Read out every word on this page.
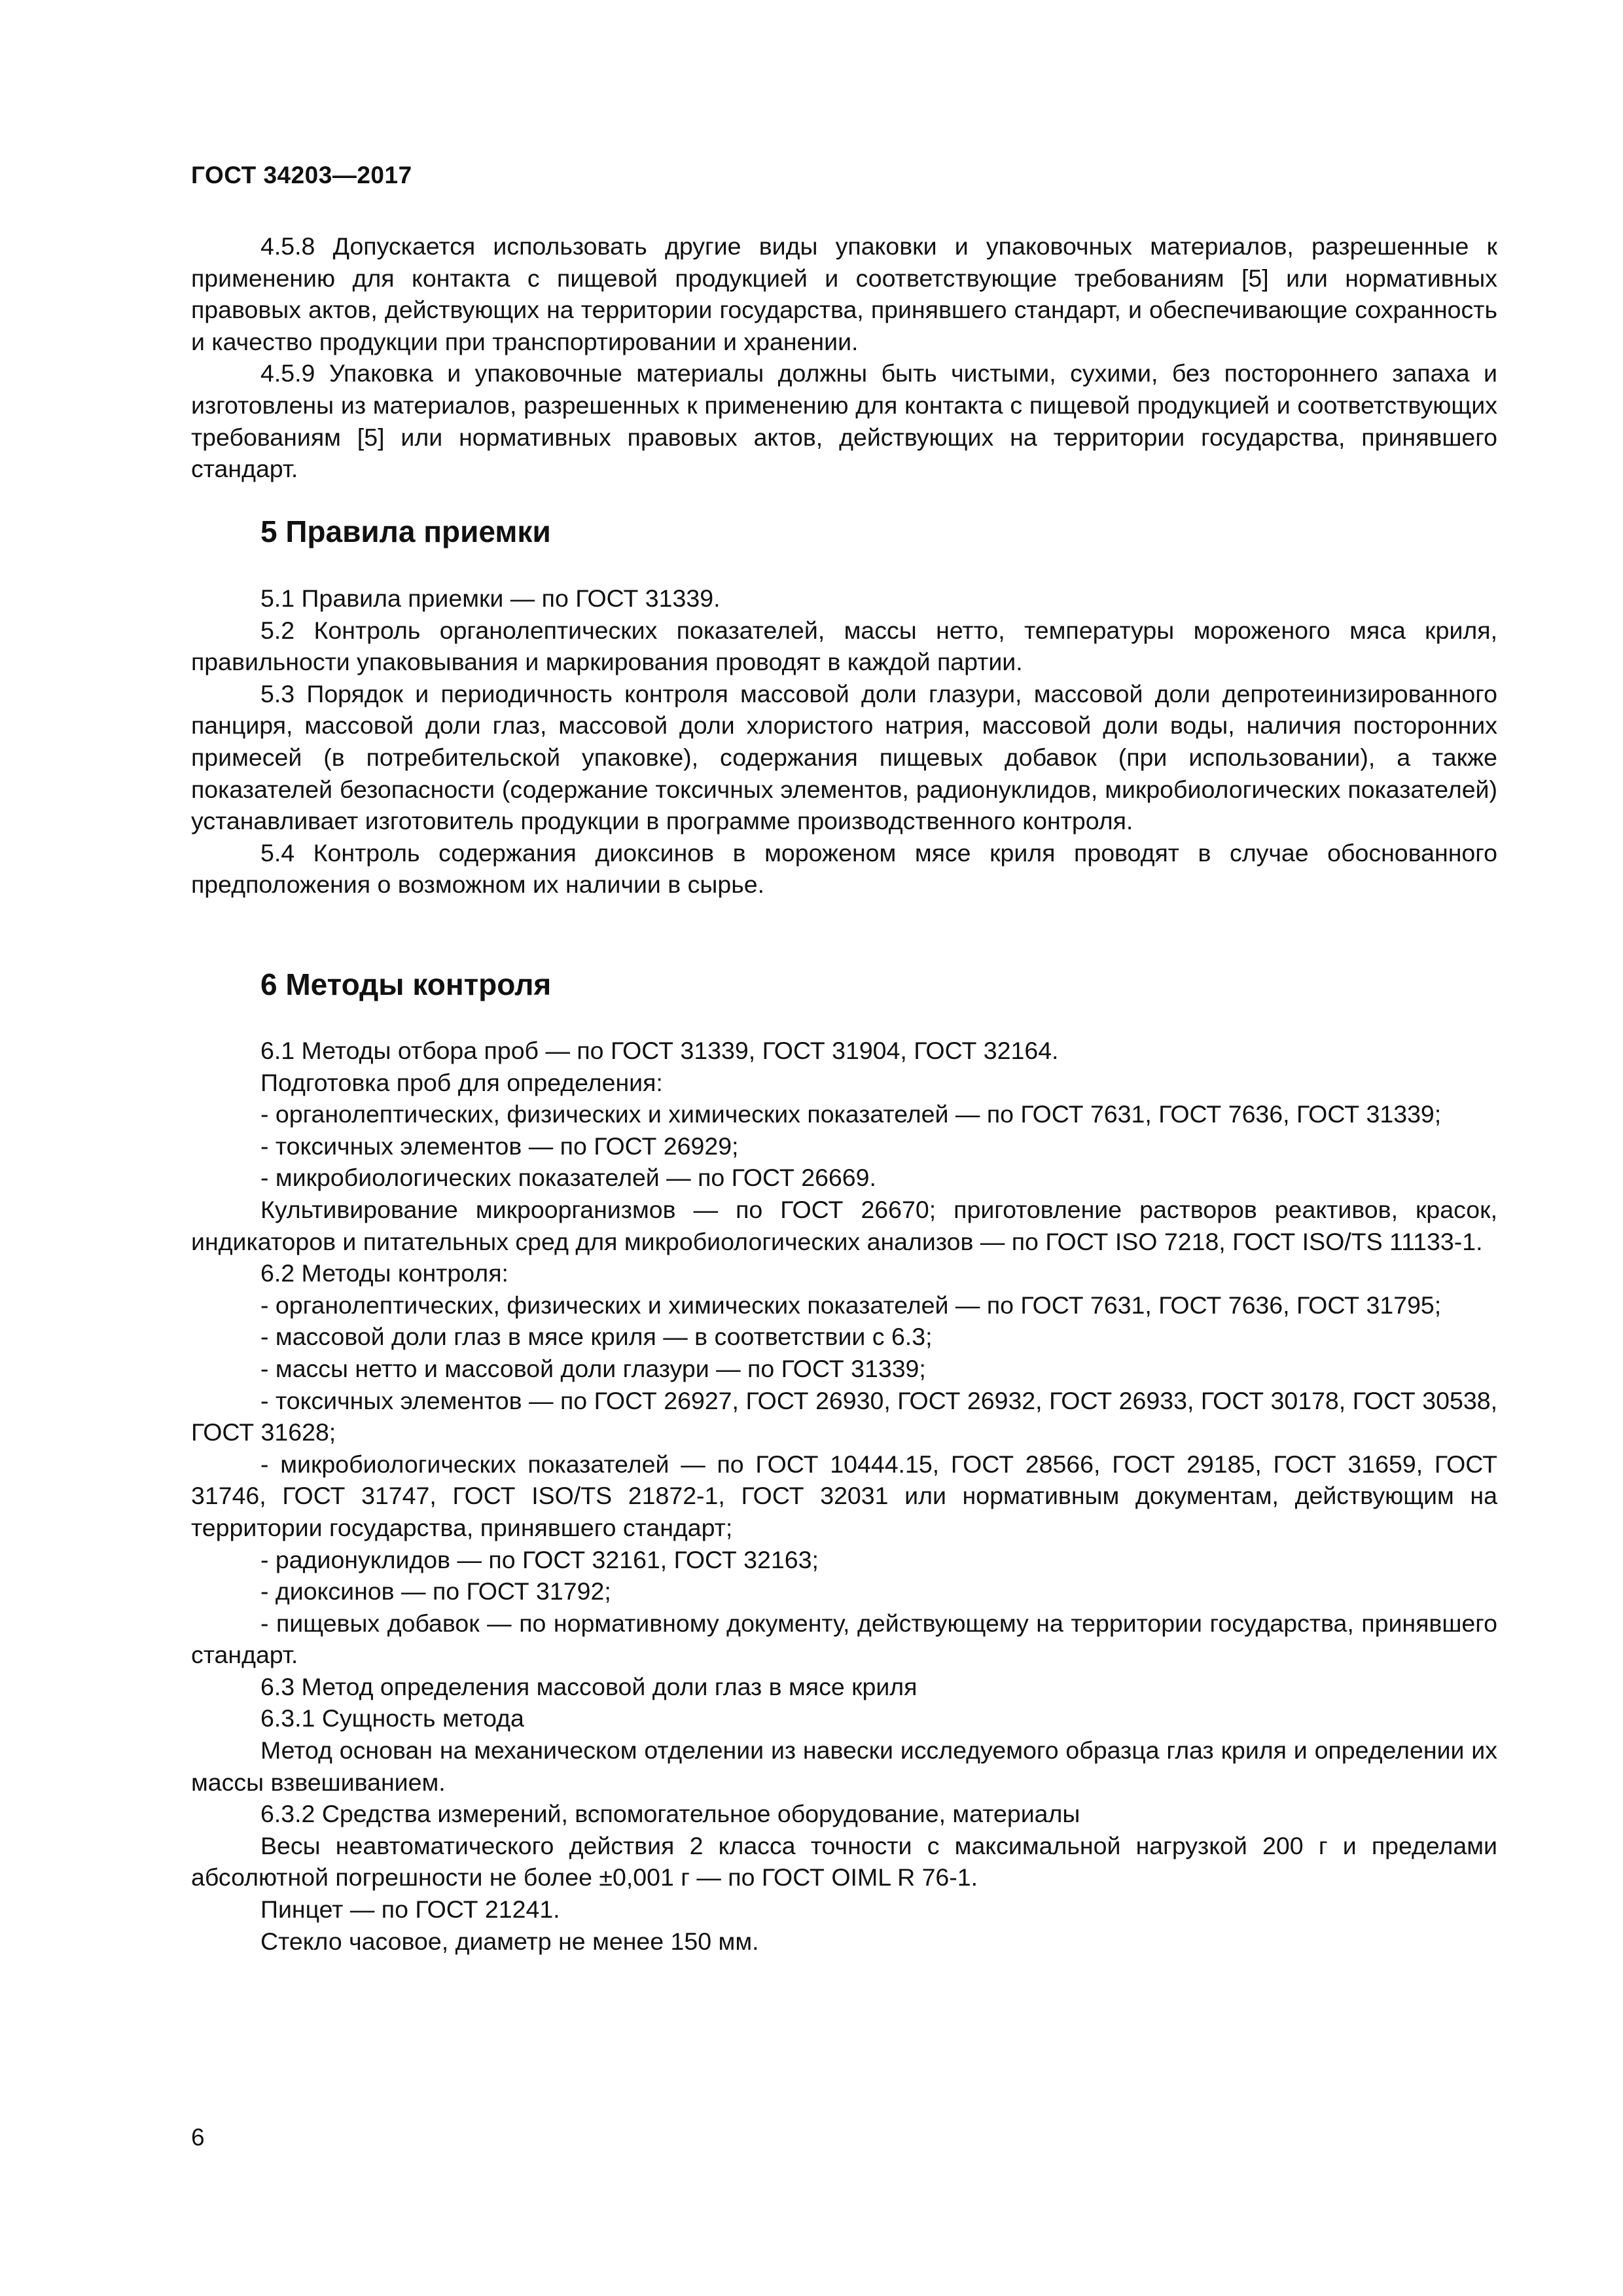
ГОСТ 34203—2017

4.5.8 Допускается использовать другие виды упаковки и упаковочных материалов, разрешенные к применению для контакта с пищевой продукцией и соответствующие требованиям [5] или нормативных правовых актов, действующих на территории государства, принявшего стандарт, и обеспечивающие сохранность и качество продукции при транспортировании и хранении.

4.5.9 Упаковка и упаковочные материалы должны быть чистыми, сухими, без постороннего запаха и изготовлены из материалов, разрешенных к применению для контакта с пищевой продукцией и соответствующих требованиям [5] или нормативных правовых актов, действующих на территории государства, принявшего стандарт.

5 Правила приемки

5.1 Правила приемки — по ГОСТ 31339.

5.2 Контроль органолептических показателей, массы нетто, температуры мороженого мяса криля, правильности упаковывания и маркирования проводят в каждой партии.

5.3 Порядок и периодичность контроля массовой доли глазури, массовой доли депротеинизированного панциря, массовой доли глаз, массовой доли хлористого натрия, массовой доли воды, наличия посторонних примесей (в потребительской упаковке), содержания пищевых добавок (при использовании), а также показателей безопасности (содержание токсичных элементов, радионуклидов, микробиологических показателей) устанавливает изготовитель продукции в программе производственного контроля.

5.4 Контроль содержания диоксинов в мороженом мясе криля проводят в случае обоснованного предположения о возможном их наличии в сырье.

6 Методы контроля

6.1 Методы отбора проб — по ГОСТ 31339, ГОСТ 31904, ГОСТ 32164.

Подготовка проб для определения:

- органолептических, физических и химических показателей — по ГОСТ 7631, ГОСТ 7636, ГОСТ 31339;

- токсичных элементов — по ГОСТ 26929;

- микробиологических показателей — по ГОСТ 26669.

Культивирование микроорганизмов — по ГОСТ 26670; приготовление растворов реактивов, красок, индикаторов и питательных сред для микробиологических анализов — по ГОСТ ISO 7218, ГОСТ ISO/TS 11133-1.

6.2 Методы контроля:

- органолептических, физических и химических показателей — по ГОСТ 7631, ГОСТ 7636, ГОСТ 31795;

- массовой доли глаз в мясе криля — в соответствии с 6.3;

- массы нетто и массовой доли глазури — по ГОСТ 31339;

- токсичных элементов — по ГОСТ 26927, ГОСТ 26930, ГОСТ 26932, ГОСТ 26933, ГОСТ 30178, ГОСТ 30538, ГОСТ 31628;

- микробиологических показателей — по ГОСТ 10444.15, ГОСТ 28566, ГОСТ 29185, ГОСТ 31659, ГОСТ 31746, ГОСТ 31747, ГОСТ ISO/TS 21872-1, ГОСТ 32031 или нормативным документам, действующим на территории государства, принявшего стандарт;

- радионуклидов — по ГОСТ 32161, ГОСТ 32163;

- диоксинов — по ГОСТ 31792;

- пищевых добавок — по нормативному документу, действующему на территории государства, принявшего стандарт.

6.3 Метод определения массовой доли глаз в мясе криля

6.3.1 Сущность метода

Метод основан на механическом отделении из навески исследуемого образца глаз криля и определении их массы взвешиванием.

6.3.2 Средства измерений, вспомогательное оборудование, материалы

Весы неавтоматического действия 2 класса точности с максимальной нагрузкой 200 г и пределами абсолютной погрешности не более ±0,001 г — по ГОСТ OIML R 76-1.

Пинцет — по ГОСТ 21241.

Стекло часовое, диаметр не менее 150 мм.

6
